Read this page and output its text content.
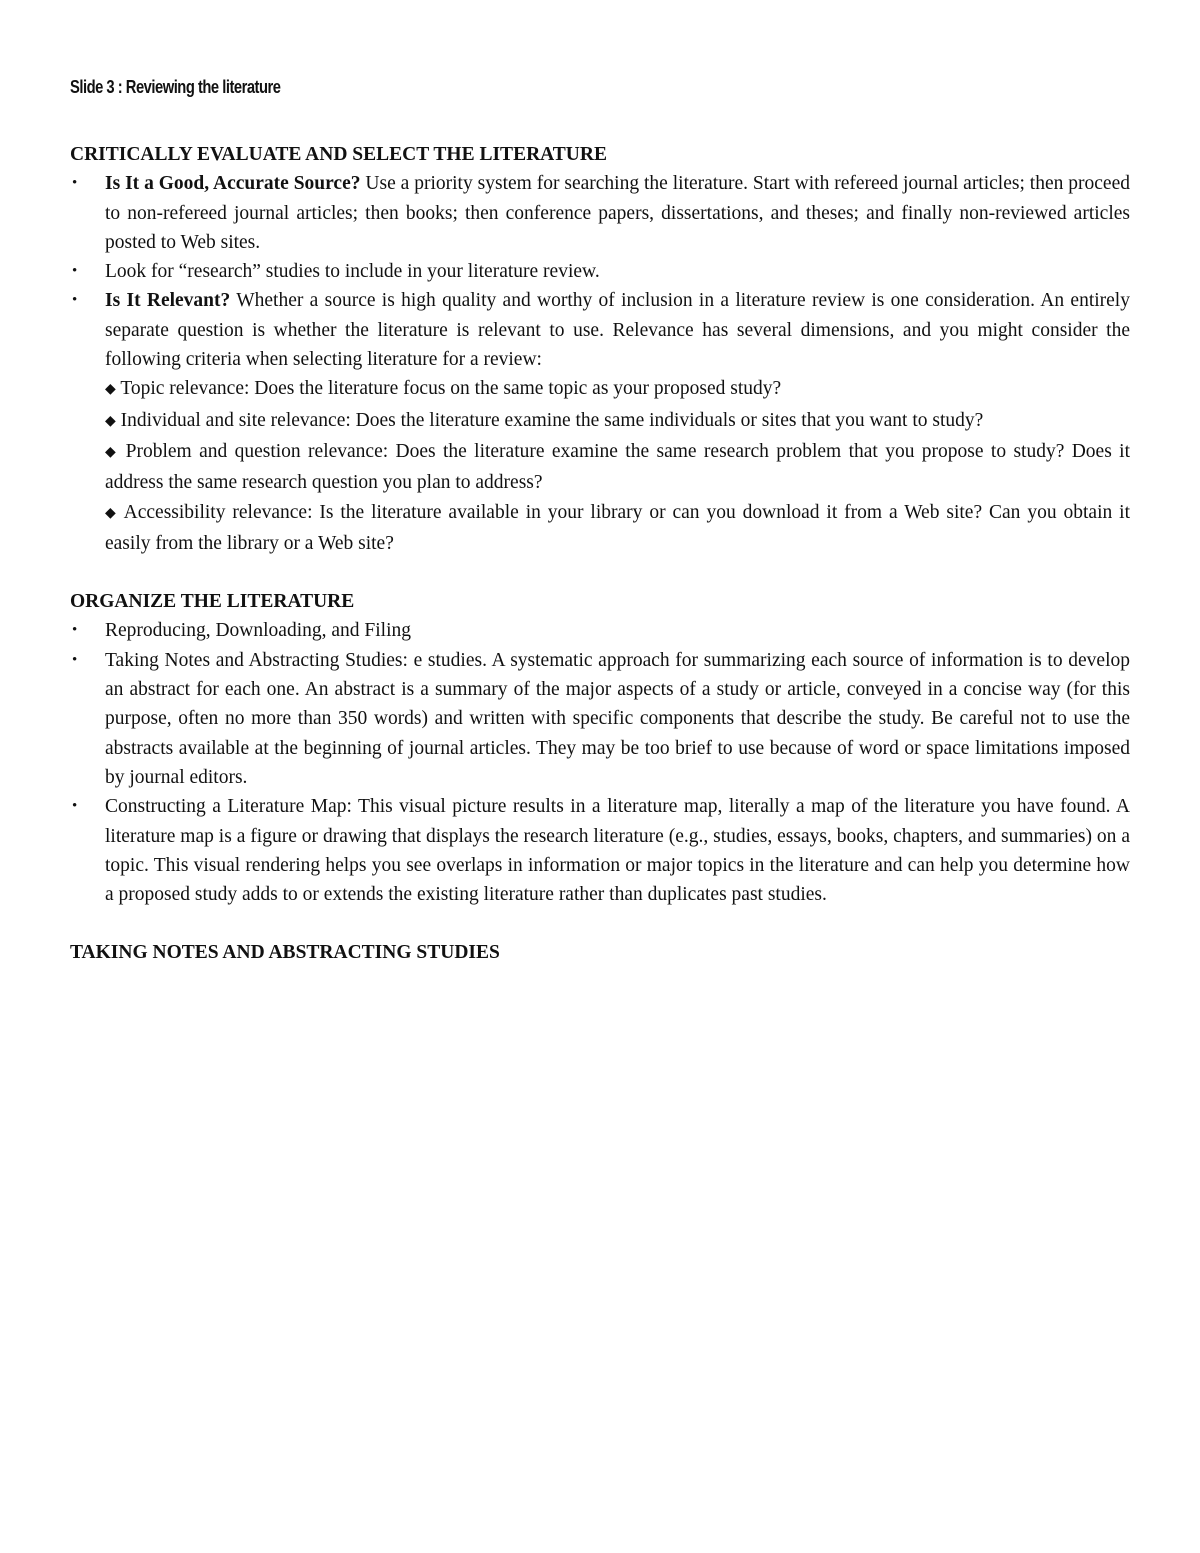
Slide 3 : Reviewing the literature
CRITICALLY EVALUATE AND SELECT THE LITERATURE
• Is It a Good, Accurate Source? Use a priority system for searching the literature. Start with refereed journal articles; then proceed to non-refereed journal articles; then books; then conference papers, dissertations, and theses; and finally non-reviewed articles posted to Web sites.
• Look for “research” studies to include in your literature review.
• Is It Relevant? Whether a source is high quality and worthy of inclusion in a literature review is one consideration. An entirely separate question is whether the literature is relevant to use. Relevance has several dimensions, and you might consider the following criteria when selecting literature for a review:
◆ Topic relevance: Does the literature focus on the same topic as your proposed study?
◆ Individual and site relevance: Does the literature examine the same individuals or sites that you want to study?
◆ Problem and question relevance: Does the literature examine the same research problem that you propose to study? Does it address the same research question you plan to address?
◆ Accessibility relevance: Is the literature available in your library or can you download it from a Web site? Can you obtain it easily from the library or a Web site?
ORGANIZE THE LITERATURE
• Reproducing, Downloading, and Filing
• Taking Notes and Abstracting Studies: e studies. A systematic approach for summarizing each source of information is to develop an abstract for each one. An abstract is a summary of the major aspects of a study or article, conveyed in a concise way (for this purpose, often no more than 350 words) and written with specific components that describe the study. Be careful not to use the abstracts available at the beginning of journal articles. They may be too brief to use because of word or space limitations imposed by journal editors.
• Constructing a Literature Map: This visual picture results in a literature map, literally a map of the literature you have found. A literature map is a figure or drawing that displays the research literature (e.g., studies, essays, books, chapters, and summaries) on a topic. This visual rendering helps you see overlaps in information or major topics in the literature and can help you determine how a proposed study adds to or extends the existing literature rather than duplicates past studies.
TAKING NOTES AND ABSTRACTING STUDIES
